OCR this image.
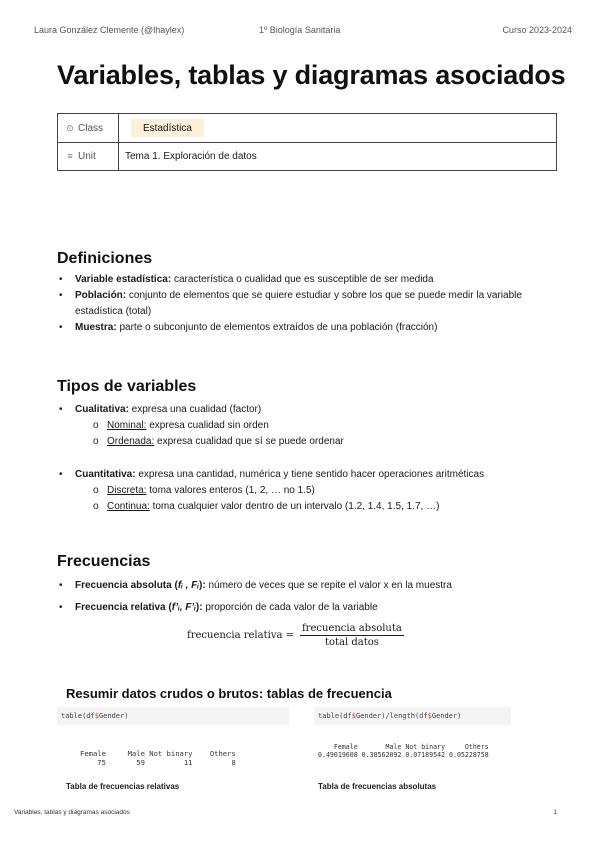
Laura González Clemente (@lhaylex)	1º Biología Sanitaria	Curso 2023-2024
Variables, tablas y diagramas asociados
⊙ Class	Estadística
≡ Unit	Tema 1. Exploración de datos
Definiciones
• Variable estadística: característica o cualidad que es susceptible de ser medida
• Población: conjunto de elementos que se quiere estudiar y sobre los que se puede medir la variable estadística (total)
• Muestra: parte o subconjunto de elementos extraídos de una población (fracción)
Tipos de variables
• Cualitativa: expresa una cualidad (factor)
o Nominal: expresa cualidad sin orden
o Ordenada: expresa cualidad que sí se puede ordenar
• Cuantitativa: expresa una cantidad, numérica y tiene sentido hacer operaciones aritméticas
o Discreta: toma valores enteros (1, 2, … no 1.5)
o Continua: toma cualquier valor dentro de un intervalo (1.2, 1.4, 1.5, 1.7, …)
Frecuencias
• Frecuencia absoluta (fᵢ , Fᵢ): número de veces que se repite el valor x en la muestra
• Frecuencia relativa (f’ᵢ, F’ᵢ): proporción de cada valor de la variable
frecuencia relativa = $\frac{\text{frecuencia absoluta}}{\text{total datos}}$
Resumir datos crudos o brutos: tablas de frecuencia
table(df$Gender)
Female     Male Not binary    Others
75       59         11         8
Tabla de frecuencias relativas
table(df$Gender)/length(df$Gender)
Female       Male Not binary     Others
0.49019608 0.38562092 0.07189542 0.05228758
Tabla de frecuencias absolutas
Variables, tablas y diagramas asociados	1
